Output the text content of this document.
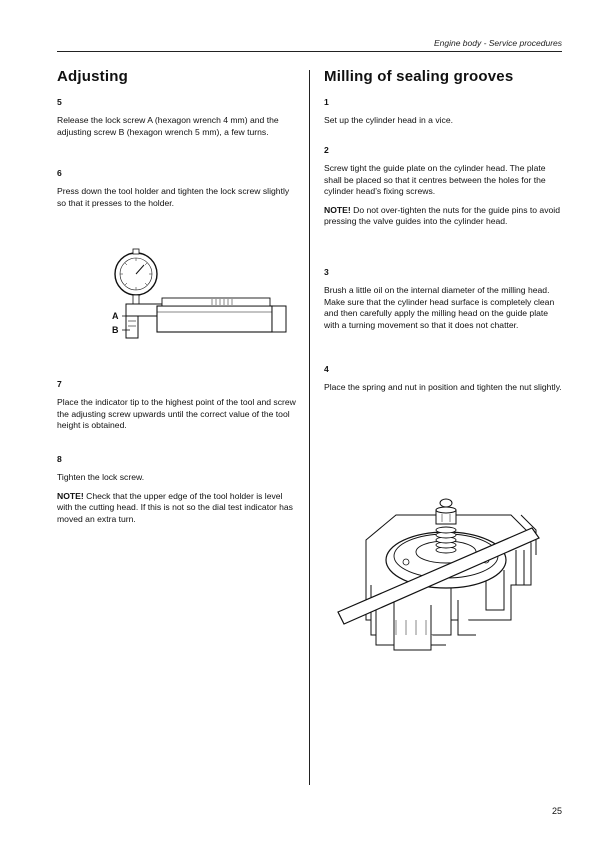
Engine body - Service procedures
Adjusting
5

Release the lock screw A (hexagon wrench 4 mm) and the adjusting screw B (hexagon wrench 5 mm), a few turns.

6

Press down the tool holder and tighten the lock screw slightly so that it presses to the holder.

A
B
7

Place the indicator tip to the highest point of the tool and screw the adjusting screw upwards until the correct value of the tool height is obtained.

8

Tighten the lock screw.

NOTE! Check that the upper edge of the tool holder is level with the cutting head. If this is not so the dial test indicator has moved an extra turn.

Milling of sealing grooves
1

Set up the cylinder head in a vice.

2

Screw tight the guide plate on the cylinder head. The plate shall be placed so that it centres between the holes for the cylinder head’s fixing screws.

NOTE! Do not over-tighten the nuts for the guide pins to avoid pressing the valve guides into the cylinder head.

3

Brush a little oil on the internal diameter of the milling head. Make sure that the cylinder head surface is completely clean and then carefully apply the milling head on the guide plate with a turning movement so that it does not chatter.

4

Place the spring and nut in position and tighten the nut slightly.

25
